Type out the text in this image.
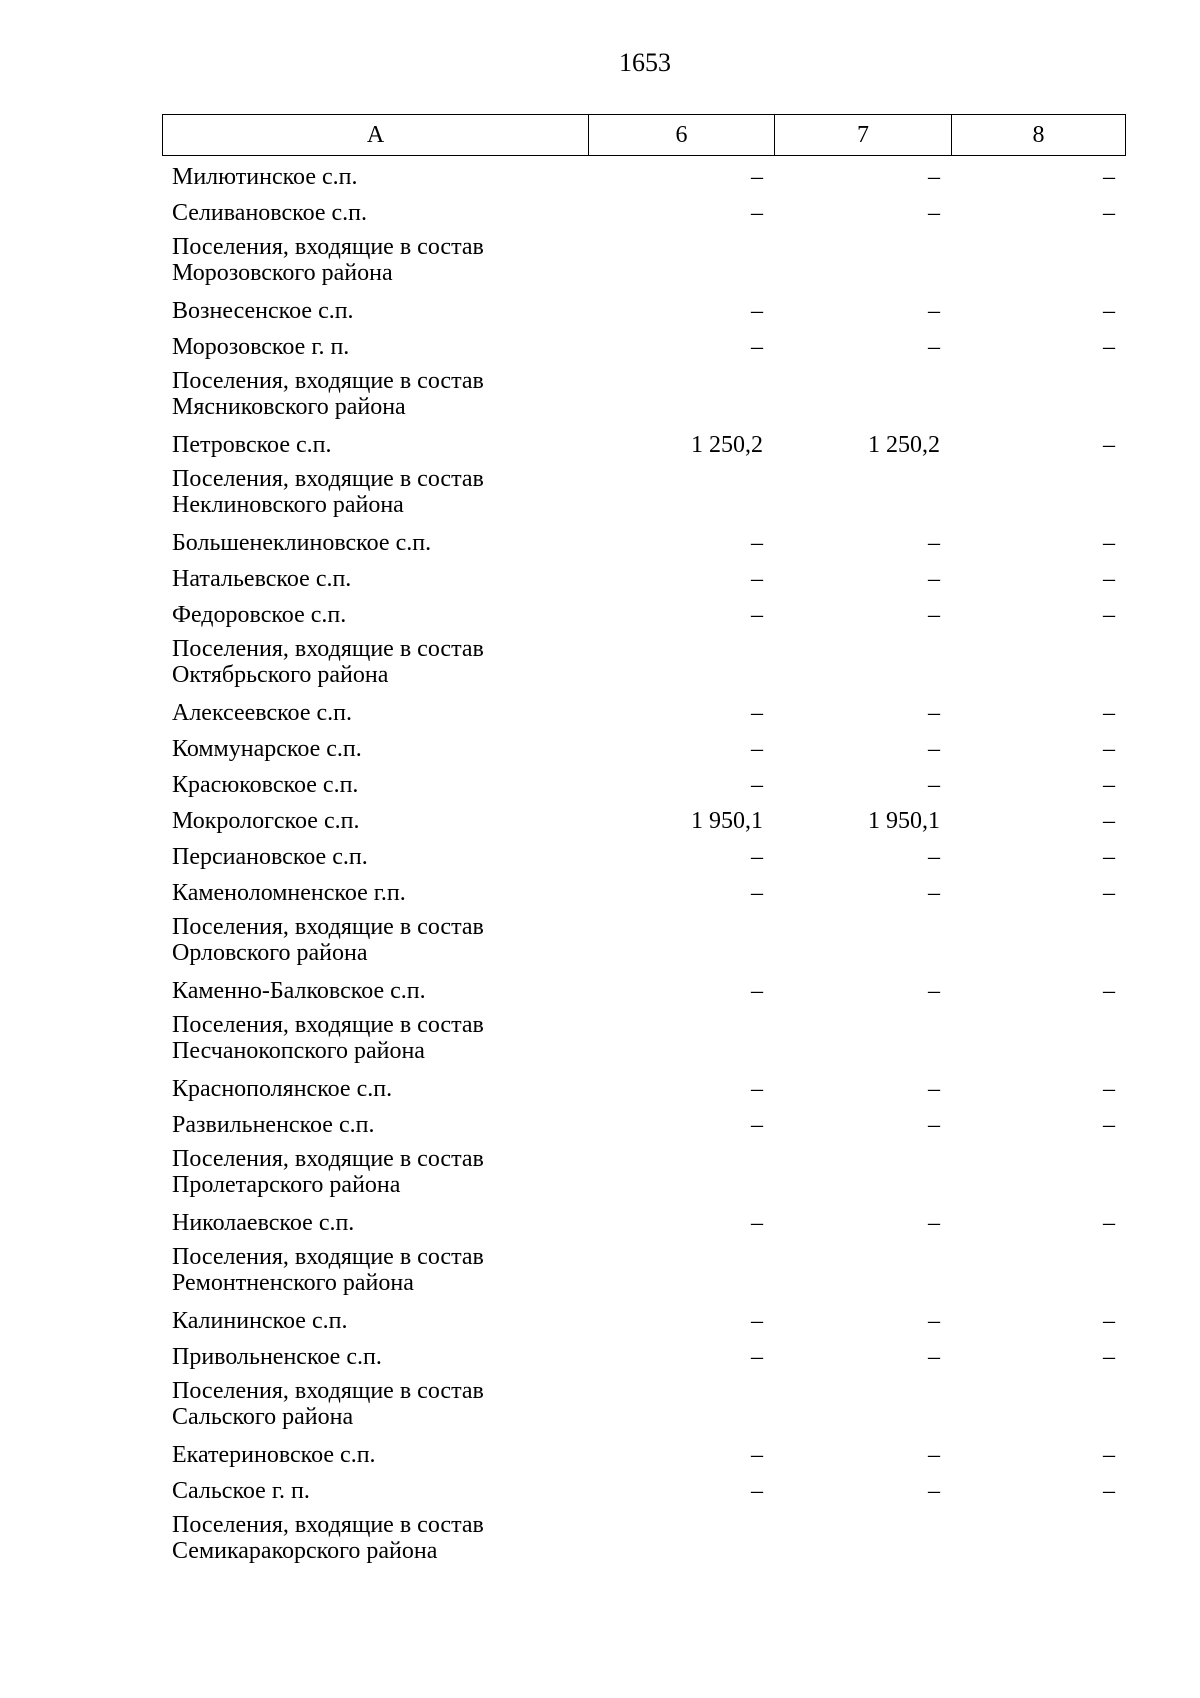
1653
А	6	7	8
Милютинское с.п.	–	–	–
Селивановское с.п.	–	–	–
Поселения, входящие в состав
Морозовского района
Вознесенское с.п.	–	–	–
Морозовское г. п.	–	–	–
Поселения, входящие в состав
Мясниковского района
Петровское с.п.	1 250,2	1 250,2	–
Поселения, входящие в состав
Неклиновского района
Большенеклиновское с.п.	–	–	–
Натальевское с.п.	–	–	–
Федоровское с.п.	–	–	–
Поселения, входящие в состав
Октябрьского района
Алексеевское с.п.	–	–	–
Коммунарское с.п.	–	–	–
Красюковское с.п.	–	–	–
Мокрологское с.п.	1 950,1	1 950,1	–
Персиановское с.п.	–	–	–
Каменоломненское г.п.	–	–	–
Поселения, входящие в состав
Орловского района
Каменно-Балковское с.п.	–	–	–
Поселения, входящие в состав
Песчанокопского района
Краснополянское с.п.	–	–	–
Развильненское с.п.	–	–	–
Поселения, входящие в состав
Пролетарского района
Николаевское с.п.	–	–	–
Поселения, входящие в состав
Ремонтненского района
Калининское с.п.	–	–	–
Привольненское с.п.	–	–	–
Поселения, входящие в состав
Сальского района
Екатериновское с.п.	–	–	–
Сальское г. п.	–	–	–
Поселения, входящие в состав
Семикаракорского района
